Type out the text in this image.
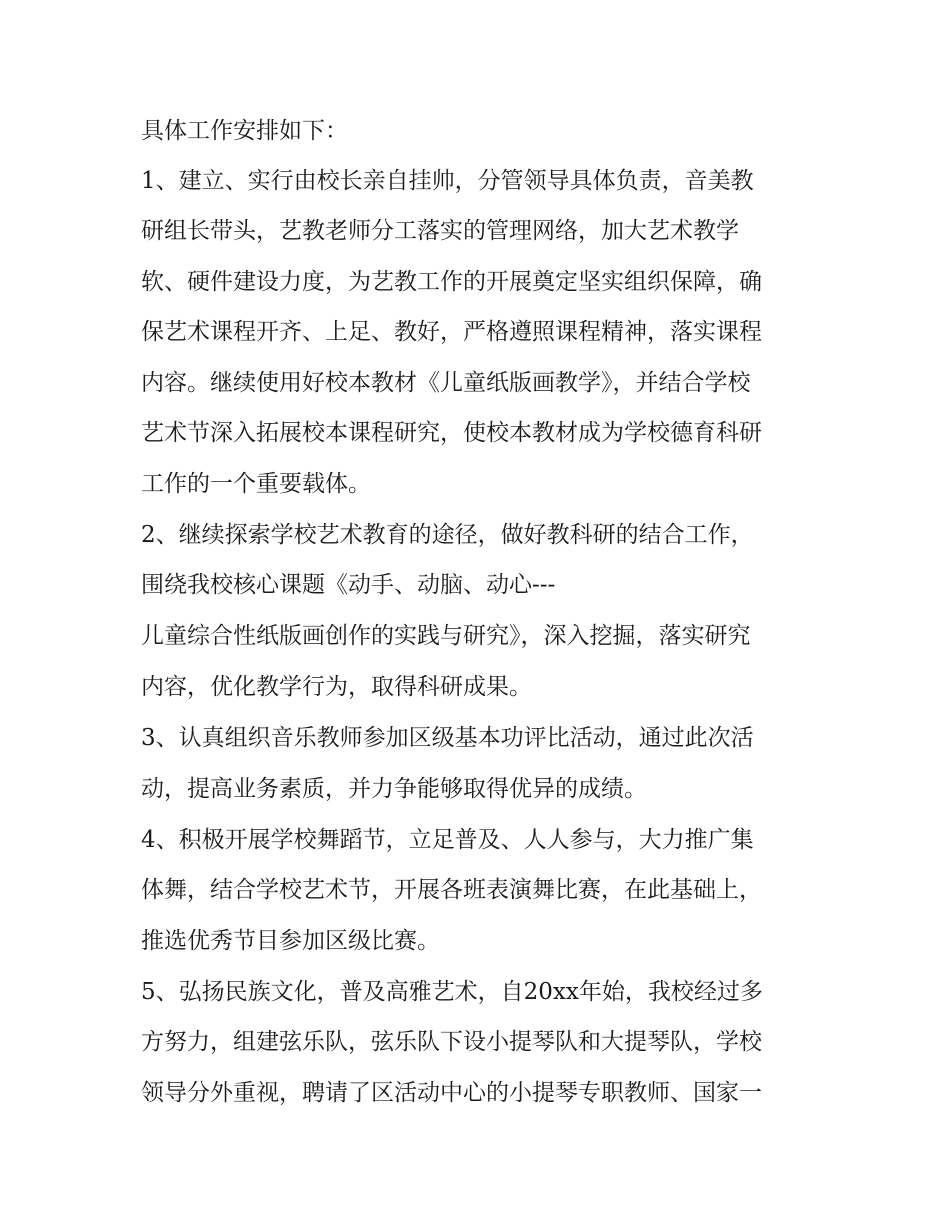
具体工作安排如下：
1、建立、实行由校长亲自挂帅，分管领导具体负责，音美教
研组长带头，艺教老师分工落实的管理网络，加大艺术教学
软、硬件建设力度，为艺教工作的开展奠定坚实组织保障，确
保艺术课程开齐、上足、教好，严格遵照课程精神，落实课程
内容。继续使用好校本教材《儿童纸版画教学》，并结合学校
艺术节深入拓展校本课程研究，使校本教材成为学校德育科研
工作的一个重要载体。
2、继续探索学校艺术教育的途径，做好教科研的结合工作，
围绕我校核心课题《动手、动脑、动心---
儿童综合性纸版画创作的实践与研究》，深入挖掘，落实研究
内容，优化教学行为，取得科研成果。
3、认真组织音乐教师参加区级基本功评比活动，通过此次活
动，提高业务素质，并力争能够取得优异的成绩。
4、积极开展学校舞蹈节，立足普及、人人参与，大力推广集
体舞，结合学校艺术节，开展各班表演舞比赛，在此基础上，
推选优秀节目参加区级比赛。
5、弘扬民族文化，普及高雅艺术，自20xx年始，我校经过多
方努力，组建弦乐队，弦乐队下设小提琴队和大提琴队，学校
领导分外重视，聘请了区活动中心的小提琴专职教师、国家一
